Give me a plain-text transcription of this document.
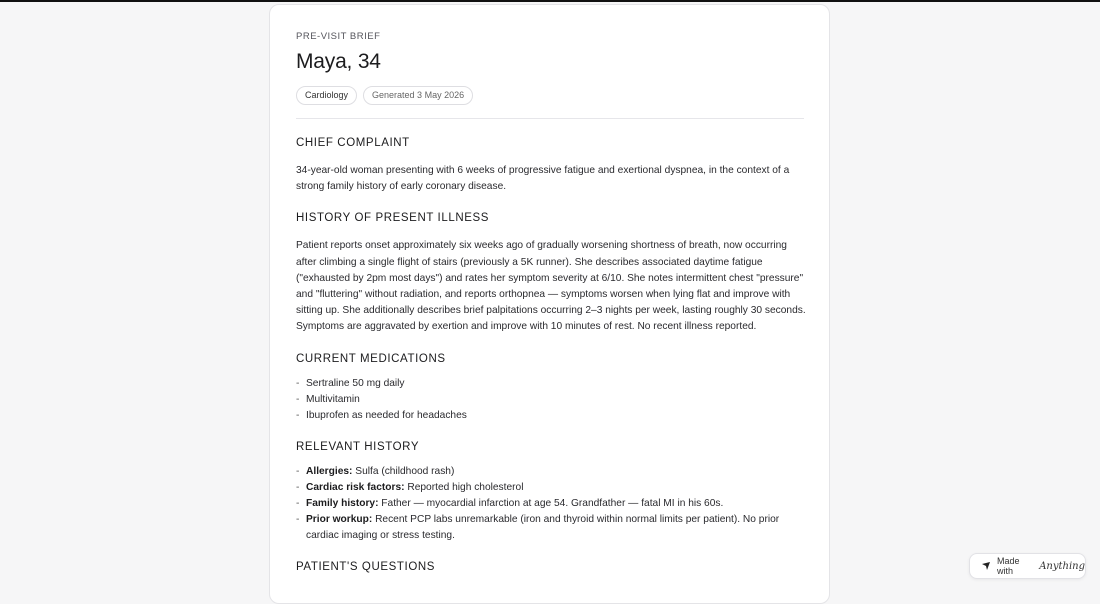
PRE-VISIT BRIEF
Maya, 34
Cardiology	Generated 3 May 2026
CHIEF COMPLAINT

34-year-old woman presenting with 6 weeks of progressive fatigue and exertional dyspnea, in the context of a strong family history of early coronary disease.

HISTORY OF PRESENT ILLNESS

Patient reports onset approximately six weeks ago of gradually worsening shortness of breath, now occurring after climbing a single flight of stairs (previously a 5K runner). She describes associated daytime fatigue ("exhausted by 2pm most days") and rates her symptom severity at 6/10. She notes intermittent chest "pressure" and "fluttering" without radiation, and reports orthopnea — symptoms worsen when lying flat and improve with sitting up. She additionally describes brief palpitations occurring 2–3 nights per week, lasting roughly 30 seconds. Symptoms are aggravated by exertion and improve with 10 minutes of rest. No recent illness reported.

CURRENT MEDICATIONS
- Sertraline 50 mg daily
- Multivitamin
- Ibuprofen as needed for headaches
RELEVANT HISTORY
- Allergies: Sulfa (childhood rash)
- Cardiac risk factors: Reported high cholesterol
- Family history: Father — myocardial infarction at age 54. Grandfather — fatal MI in his 60s.
- Prior workup: Recent PCP labs unremarkable (iron and thyroid within normal limits per patient). No prior cardiac imaging or stress testing.
PATIENT'S QUESTIONS	Made with	Anything
